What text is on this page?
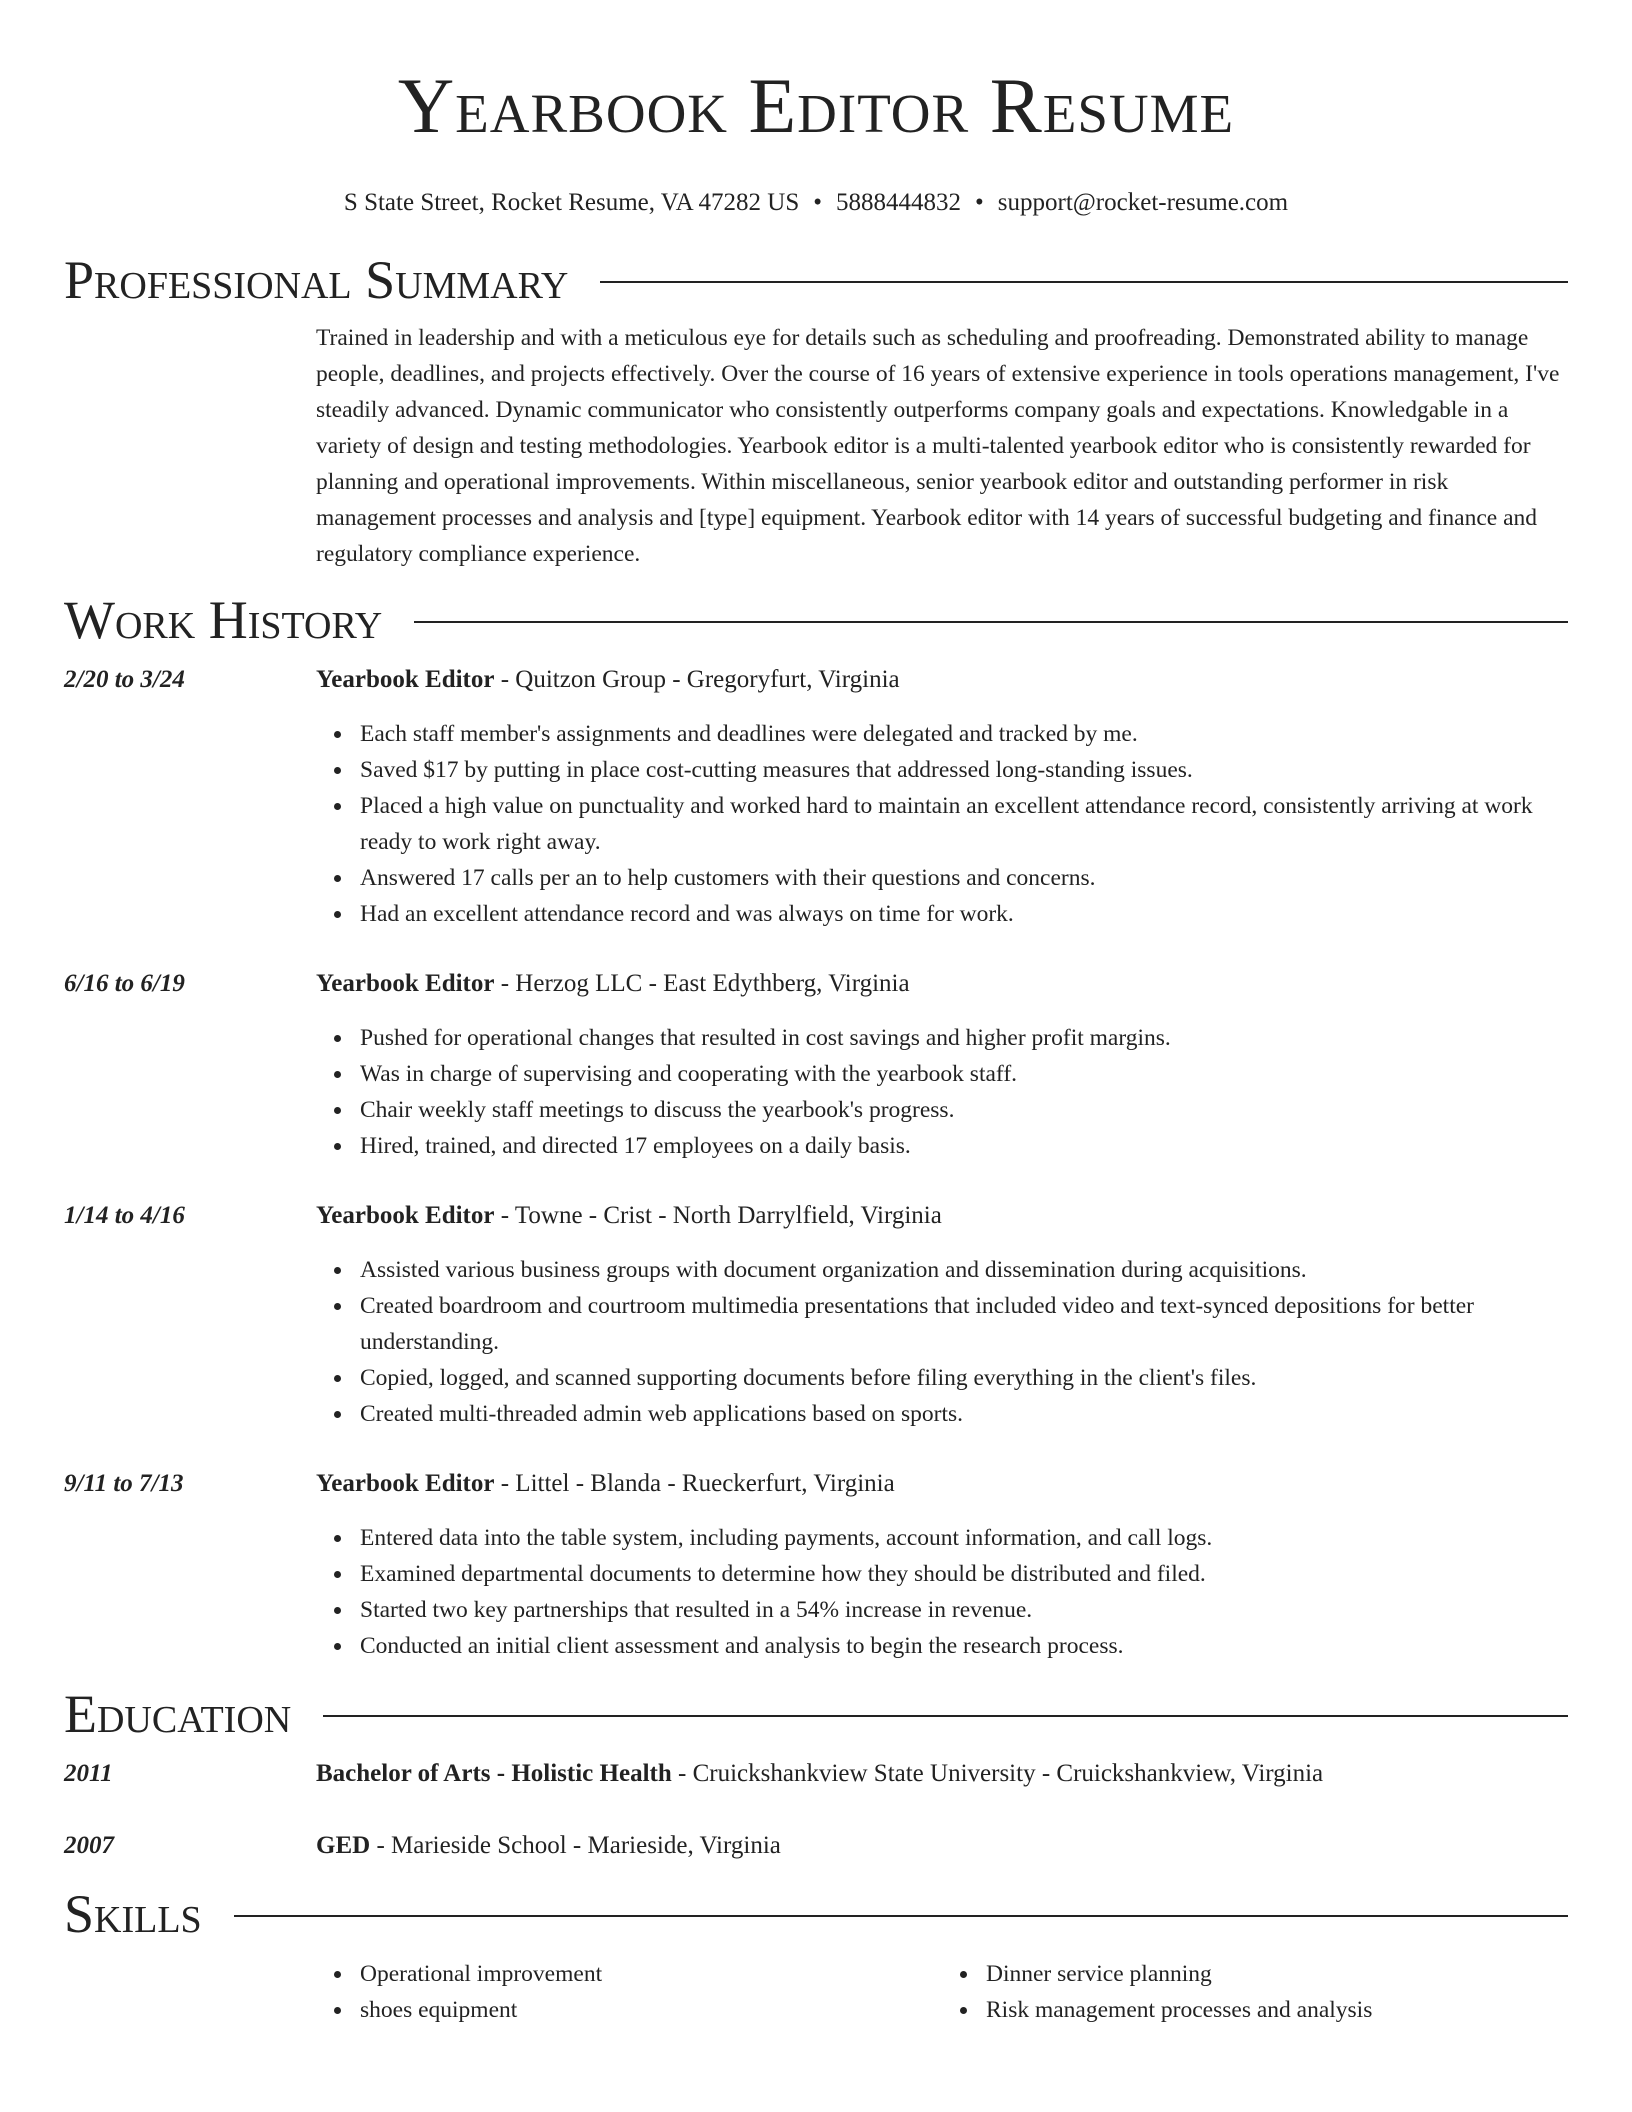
Yearbook Editor Resume
S State Street, Rocket Resume, VA 47282 US • 5888444832 • support@rocket-resume.com
Professional Summary

Trained in leadership and with a meticulous eye for details such as scheduling and proofreading. Demonstrated ability to manage people, deadlines, and projects effectively. Over the course of 16 years of extensive experience in tools operations management, I've steadily advanced. Dynamic communicator who consistently outperforms company goals and expectations. Knowledgable in a variety of design and testing methodologies. Yearbook editor is a multi-talented yearbook editor who is consistently rewarded for planning and operational improvements. Within miscellaneous, senior yearbook editor and outstanding performer in risk management processes and analysis and [type] equipment. Yearbook editor with 14 years of successful budgeting and finance and regulatory compliance experience.

Work History
2/20 to 3/24	Yearbook Editor - Quitzon Group - Gregoryfurt, Virginia
Each staff member's assignments and deadlines were delegated and tracked by me.
Saved $17 by putting in place cost-cutting measures that addressed long-standing issues.
Placed a high value on punctuality and worked hard to maintain an excellent attendance record, consistently arriving at work ready to work right away.
Answered 17 calls per an to help customers with their questions and concerns.
Had an excellent attendance record and was always on time for work.
6/16 to 6/19	Yearbook Editor - Herzog LLC - East Edythberg, Virginia
Pushed for operational changes that resulted in cost savings and higher profit margins.
Was in charge of supervising and cooperating with the yearbook staff.
Chair weekly staff meetings to discuss the yearbook's progress.
Hired, trained, and directed 17 employees on a daily basis.
1/14 to 4/16	Yearbook Editor - Towne - Crist - North Darrylfield, Virginia
Assisted various business groups with document organization and dissemination during acquisitions.
Created boardroom and courtroom multimedia presentations that included video and text-synced depositions for better understanding.
Copied, logged, and scanned supporting documents before filing everything in the client's files.
Created multi-threaded admin web applications based on sports.
9/11 to 7/13	Yearbook Editor - Littel - Blanda - Rueckerfurt, Virginia
Entered data into the table system, including payments, account information, and call logs.
Examined departmental documents to determine how they should be distributed and filed.
Started two key partnerships that resulted in a 54% increase in revenue.
Conducted an initial client assessment and analysis to begin the research process.
Education
2011	Bachelor of Arts - Holistic Health - Cruickshankview State University - Cruickshankview, Virginia
2007	GED - Marieside School - Marieside, Virginia
Skills
Operational improvement
shoes equipment
Dinner service planning
Risk management processes and analysis
